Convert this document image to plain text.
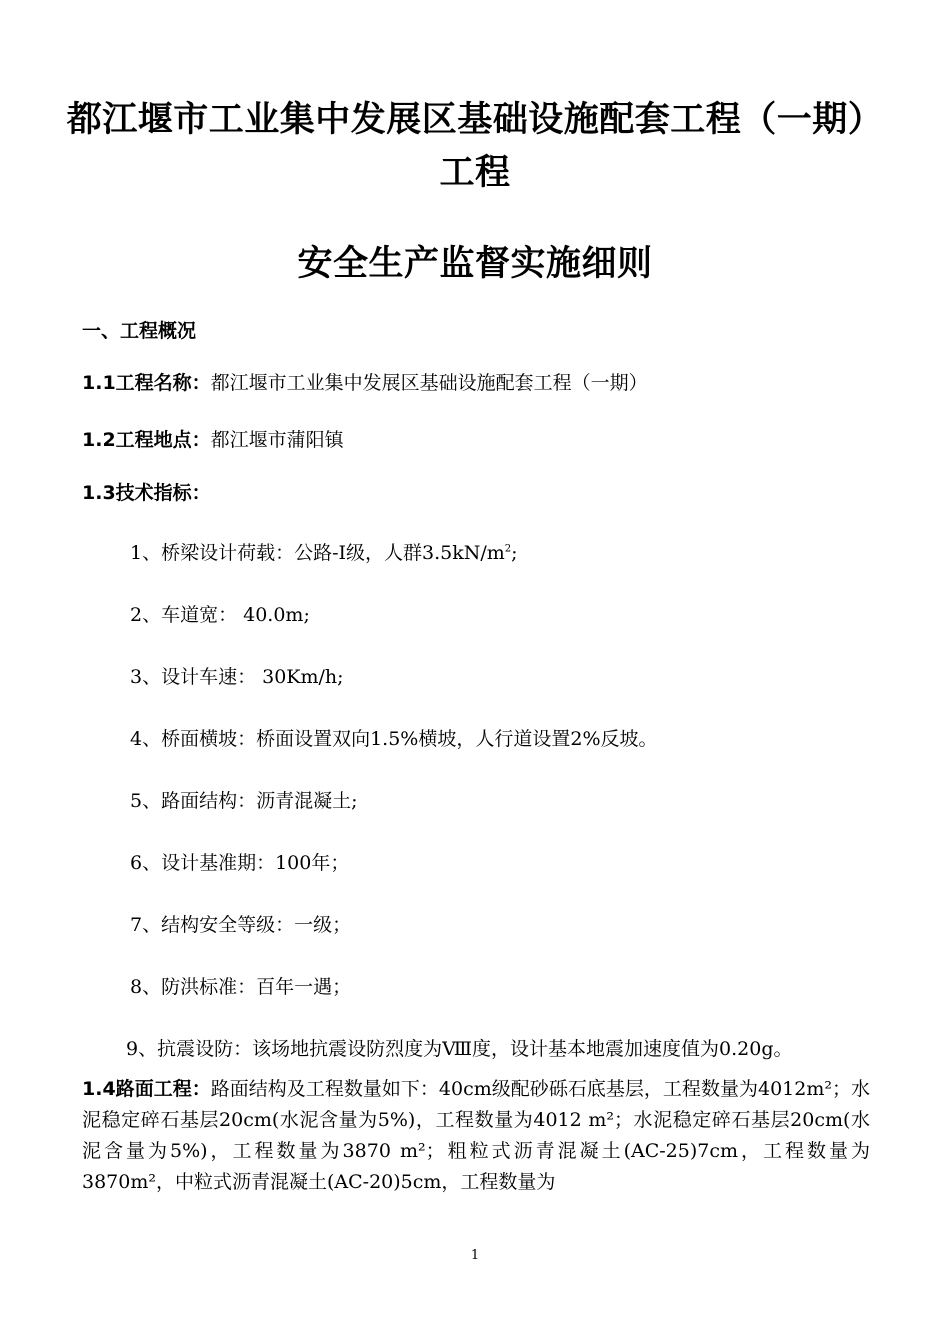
都江堰市工业集中发展区基础设施配套工程（一期）
工程
安全生产监督实施细则
一、工程概况
1.1工程名称：都江堰市工业集中发展区基础设施配套工程（一期）
1.2工程地点：都江堰市蒲阳镇
1.3技术指标：
1、桥梁设计荷载：公路-Ⅰ级，人群$3.5kN/m^2$;
2、车道宽： 40.0m;
3、设计车速： 30Km/h;
4、桥面横坡：桥面设置双向1.5%横坡，人行道设置2%反坡。
5、路面结构：沥青混凝土;
6、设计基准期：100年；
7、结构安全等级：一级；
8、防洪标准：百年一遇；
9、抗震设防：该场地抗震设防烈度为Ⅷ度，设计基本地震加速度值为0.20g。
1.4路面工程：路面结构及工程数量如下：40cm级配砂砾石底基层，工程数量为4012m²；水泥稳定碎石基层20cm(水泥含量为5%)，工程数量为4012 m²；水泥稳定碎石基层20cm(水泥含量为5%)，工程数量为3870 m²；粗粒式沥青混凝土(AC-25)7cm，工程数量为3870m²，中粒式沥青混凝土(AC-20)5cm，工程数量为
1
